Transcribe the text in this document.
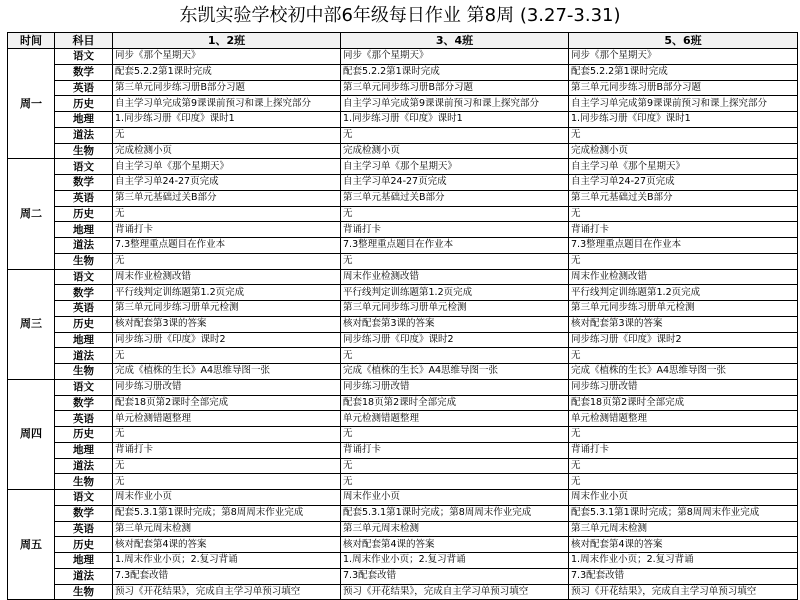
东凯实验学校初中部6年级每日作业 第8周 (3.27-3.31)
时间	科目	1、2班	3、4班	5、6班
周一	语文	同步《那个星期天》	同步《那个星期天》	同步《那个星期天》
	数学	配套5.2.2第1课时完成	配套5.2.2第1课时完成	配套5.2.2第1课时完成
	英语	第三单元同步练习册B部分习题	第三单元同步练习册B部分习题	第三单元同步练习册B部分习题
	历史	自主学习单完成第9课课前预习和课上探究部分	自主学习单完成第9课课前预习和课上探究部分	自主学习单完成第9课课前预习和课上探究部分
	地理	1.同步练习册《印度》课时1	1.同步练习册《印度》课时1	1.同步练习册《印度》课时1
	道法	无	无	无
	生物	完成检测小页	完成检测小页	完成检测小页
周二	语文	自主学习单《那个星期天》	自主学习单《那个星期天》	自主学习单《那个星期天》
	数学	自主学习单24-27页完成	自主学习单24-27页完成	自主学习单24-27页完成
	英语	第三单元基础过关B部分	第三单元基础过关B部分	第三单元基础过关B部分
	历史	无	无	无
	地理	背诵打卡	背诵打卡	背诵打卡
	道法	7.3整理重点题目在作业本	7.3整理重点题目在作业本	7.3整理重点题目在作业本
	生物	无	无	无
周三	语文	周末作业检测改错	周末作业检测改错	周末作业检测改错
	数学	平行线判定训练题第1.2页完成	平行线判定训练题第1.2页完成	平行线判定训练题第1.2页完成
	英语	第三单元同步练习册单元检测	第三单元同步练习册单元检测	第三单元同步练习册单元检测
	历史	核对配套第3课的答案	核对配套第3课的答案	核对配套第3课的答案
	地理	同步练习册《印度》课时2	同步练习册《印度》课时2	同步练习册《印度》课时2
	道法	无	无	无
	生物	完成《植株的生长》A4思维导图一张	完成《植株的生长》A4思维导图一张	完成《植株的生长》A4思维导图一张
周四	语文	同步练习册改错	同步练习册改错	同步练习册改错
	数学	配套18页第2课时全部完成	配套18页第2课时全部完成	配套18页第2课时全部完成
	英语	单元检测错题整理	单元检测错题整理	单元检测错题整理
	历史	无	无	无
	地理	背诵打卡	背诵打卡	背诵打卡
	道法	无	无	无
	生物	无	无	无
周五	语文	周末作业小页	周末作业小页	周末作业小页
	数学	配套5.3.1第1课时完成；第8周周末作业完成	配套5.3.1第1课时完成；第8周周末作业完成	配套5.3.1第1课时完成；第8周周末作业完成
	英语	第三单元周末检测	第三单元周末检测	第三单元周末检测
	历史	核对配套第4课的答案	核对配套第4课的答案	核对配套第4课的答案
	地理	1.周末作业小页；2.复习背诵	1.周末作业小页；2.复习背诵	1.周末作业小页；2.复习背诵
	道法	7.3配套改错	7.3配套改错	7.3配套改错
	生物	预习《开花结果》，完成自主学习单预习填空	预习《开花结果》，完成自主学习单预习填空	预习《开花结果》，完成自主学习单预习填空
